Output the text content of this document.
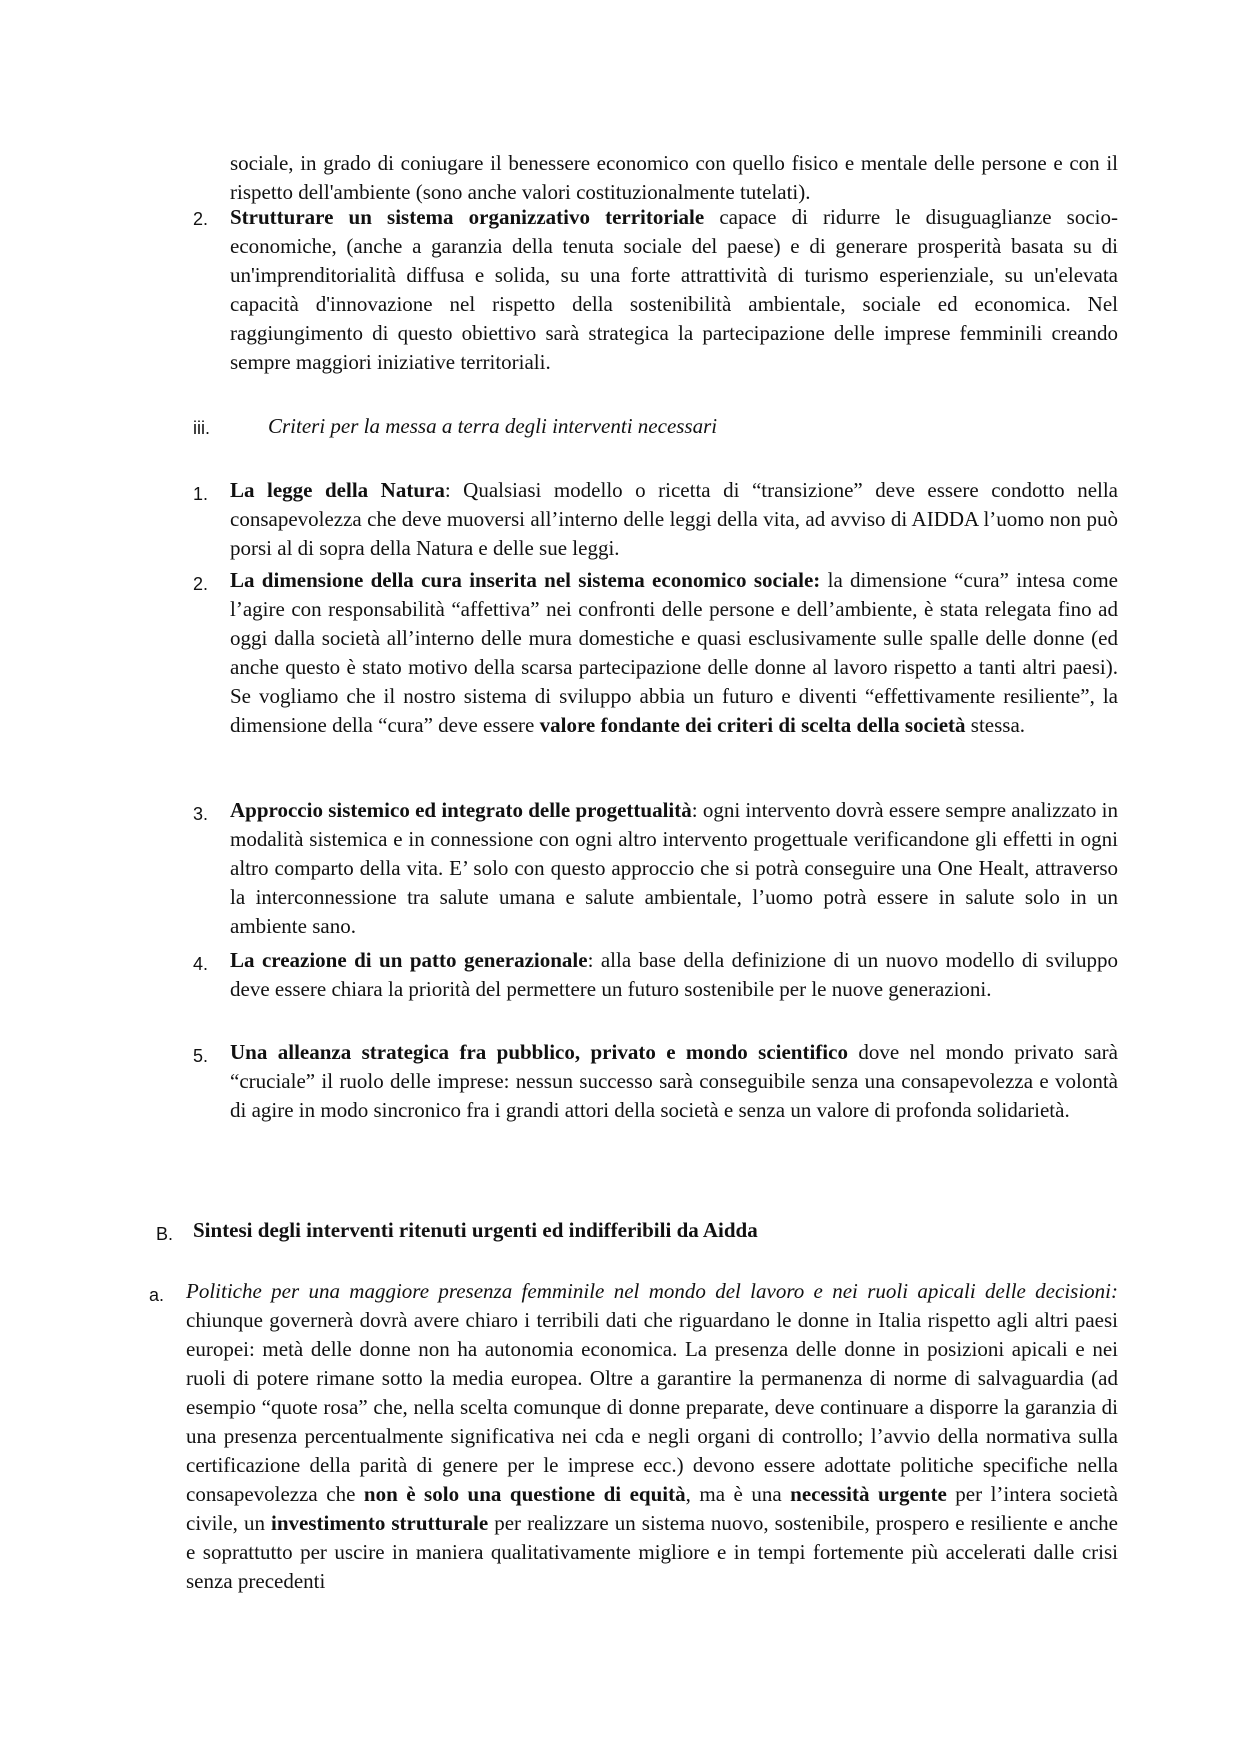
sociale, in grado di coniugare il benessere economico con quello fisico e mentale delle persone e con il rispetto dell'ambiente (sono anche valori costituzionalmente tutelati).
2. Strutturare un sistema organizzativo territoriale capace di ridurre le disuguaglianze socio-economiche, (anche a garanzia della tenuta sociale del paese) e di generare prosperità basata su di un'imprenditorialità diffusa e solida, su una forte attrattività di turismo esperienziale, su un'elevata capacità d'innovazione nel rispetto della sostenibilità ambientale, sociale ed economica. Nel raggiungimento di questo obiettivo sarà strategica la partecipazione delle imprese femminili creando sempre maggiori iniziative territoriali.
iii.	Criteri per la messa a terra degli interventi necessari
1. La legge della Natura: Qualsiasi modello o ricetta di “transizione” deve essere condotto nella consapevolezza che deve muoversi all’interno delle leggi della vita, ad avviso di AIDDA l’uomo non può porsi al di sopra della Natura e delle sue leggi.
2. La dimensione della cura inserita nel sistema economico sociale: la dimensione “cura” intesa come l’agire con responsabilità “affettiva” nei confronti delle persone e dell’ambiente, è stata relegata fino ad oggi dalla società all’interno delle mura domestiche e quasi esclusivamente sulle spalle delle donne (ed anche questo è stato motivo della scarsa partecipazione delle donne al lavoro rispetto a tanti altri paesi). Se vogliamo che il nostro sistema di sviluppo abbia un futuro e diventi “effettivamente resiliente”, la dimensione della “cura” deve essere valore fondante dei criteri di scelta della società stessa.
3. Approccio sistemico ed integrato delle progettualità: ogni intervento dovrà essere sempre analizzato in modalità sistemica e in connessione con ogni altro intervento progettuale verificandone gli effetti in ogni altro comparto della vita. E’ solo con questo approccio che si potrà conseguire una One Healt, attraverso la interconnessione tra salute umana e salute ambientale, l’uomo potrà essere in salute solo in un ambiente sano.
4. La creazione di un patto generazionale: alla base della definizione di un nuovo modello di sviluppo deve essere chiara la priorità del permettere un futuro sostenibile per le nuove generazioni.
5. Una alleanza strategica fra pubblico, privato e mondo scientifico dove nel mondo privato sarà “cruciale” il ruolo delle imprese: nessun successo sarà conseguibile senza una consapevolezza e volontà di agire in modo sincronico fra i grandi attori della società e senza un valore di profonda solidarietà.
B. Sintesi degli interventi ritenuti urgenti ed indifferibili da Aidda
a. Politiche per una maggiore presenza femminile nel mondo del lavoro e nei ruoli apicali delle decisioni: chiunque governerà dovrà avere chiaro i terribili dati che riguardano le donne in Italia rispetto agli altri paesi europei: metà delle donne non ha autonomia economica. La presenza delle donne in posizioni apicali e nei ruoli di potere rimane sotto la media europea. Oltre a garantire la permanenza di norme di salvaguardia (ad esempio “quote rosa” che, nella scelta comunque di donne preparate, deve continuare a disporre la garanzia di una presenza percentualmente significativa nei cda e negli organi di controllo; l’avvio della normativa sulla certificazione della parità di genere per le imprese ecc.) devono essere adottate politiche specifiche nella consapevolezza che non è solo una questione di equità, ma è una necessità urgente per l’intera società civile, un investimento strutturale per realizzare un sistema nuovo, sostenibile, prospero e resiliente e anche e soprattutto per uscire in maniera qualitativamente migliore e in tempi fortemente più accelerati dalle crisi senza precedenti
